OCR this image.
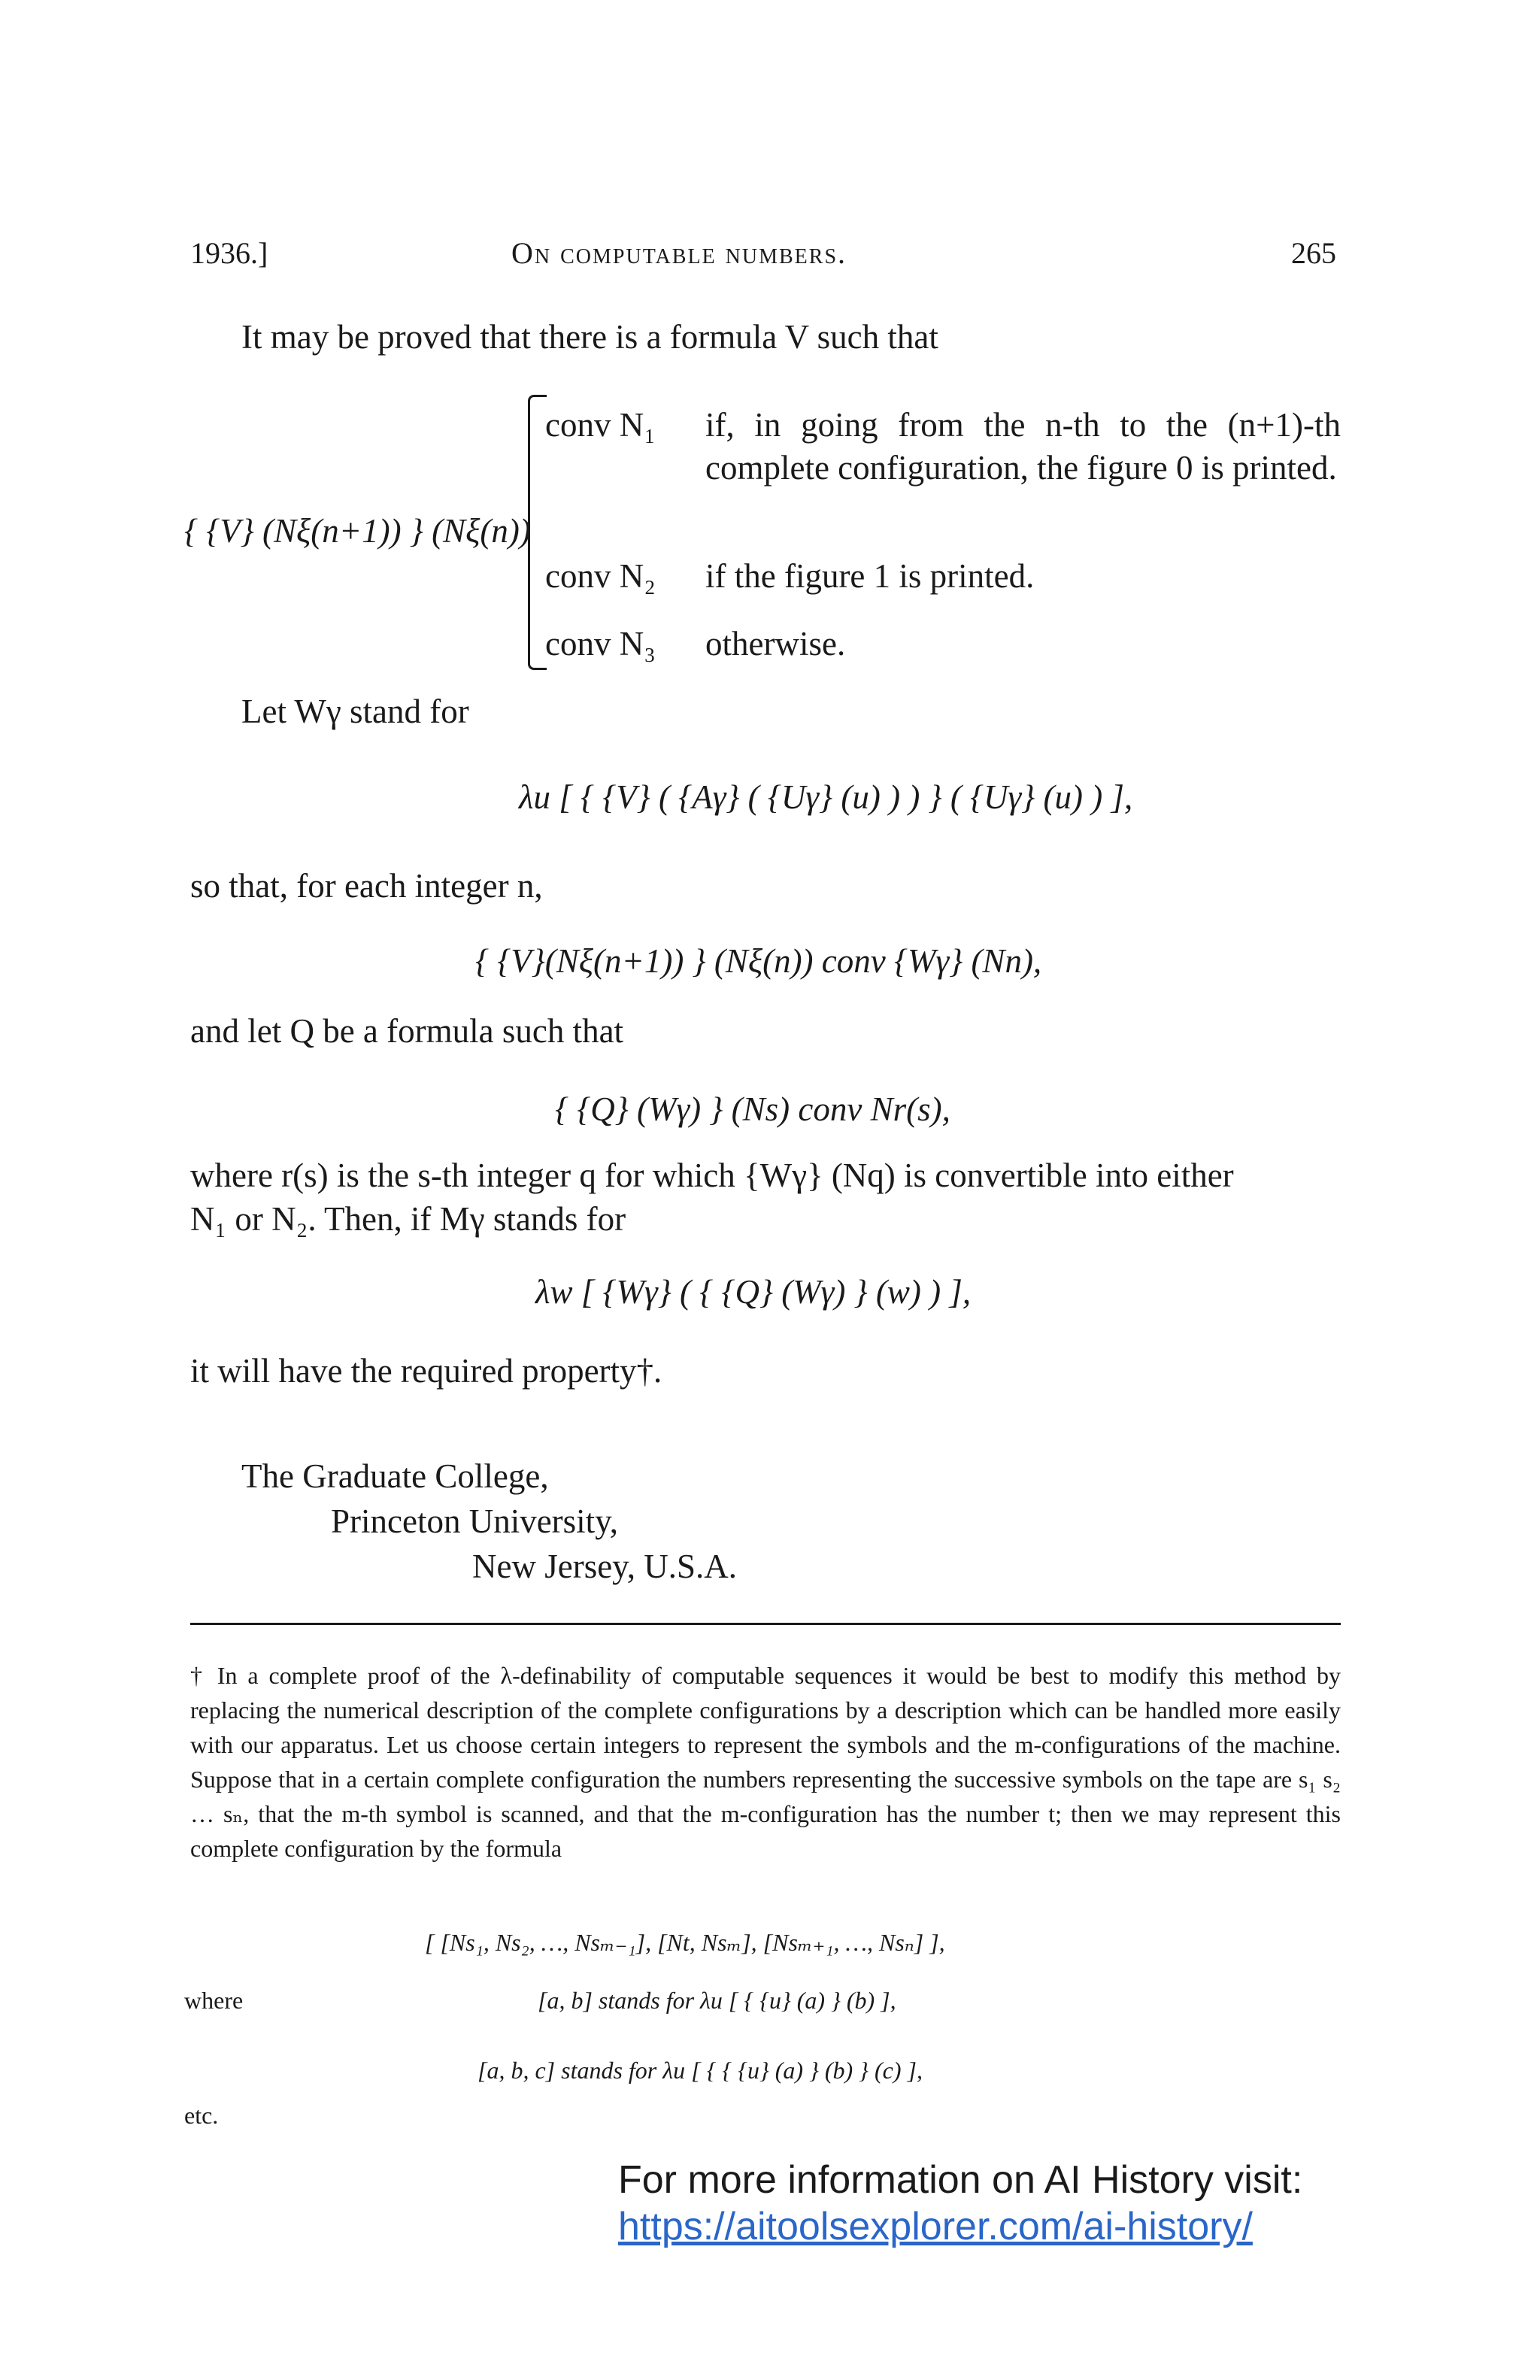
1936.]	On computable numbers.	265
It may be proved that there is a formula V such that
{ {V} (Nξ(n+1)) } (Nξ(n))
conv N₁ if, in going from the n-th to the (n+1)-th complete configuration, the figure 0 is printed.
conv N₂ if the figure 1 is printed.
conv N₃ otherwise.
Let Wγ stand for
λu [ { {V} ( {Aγ} ( {Uγ} (u) ) ) } ( {Uγ} (u) ) ],
so that, for each integer n,
{ {V}(Nξ(n+1)) } (Nξ(n)) conv {Wγ} (Nn),
and let Q be a formula such that
{ {Q} (Wγ) } (Ns) conv Nr(s),
where r(s) is the s-th integer q for which {Wγ} (Nq) is convertible into either
N₁ or N₂. Then, if Mγ stands for
λw [ {Wγ} ( { {Q} (Wγ) } (w) ) ],
it will have the required property†.
The Graduate College,
Princeton University,
New Jersey, U.S.A.
† In a complete proof of the λ-definability of computable sequences it would be best to modify this method by replacing the numerical description of the complete configurations by a description which can be handled more easily with our apparatus. Let us choose certain integers to represent the symbols and the m-configurations of the machine. Suppose that in a certain complete configuration the numbers representing the successive symbols on the tape are s₁ s₂ … sₙ, that the m-th symbol is scanned, and that the m-configuration has the number t; then we may represent this complete configuration by the formula
[ [Ns₁, Ns₂, …, Nsₘ₋₁], [Nt, Nsₘ], [Nsₘ₊₁, …, Nsₙ] ],
where	[a, b] stands for λu [ { {u} (a) } (b) ],
[a, b, c] stands for λu [ { { {u} (a) } (b) } (c) ],
etc.
For more information on AI History visit:
https://aitoolsexplorer.com/ai-history/
